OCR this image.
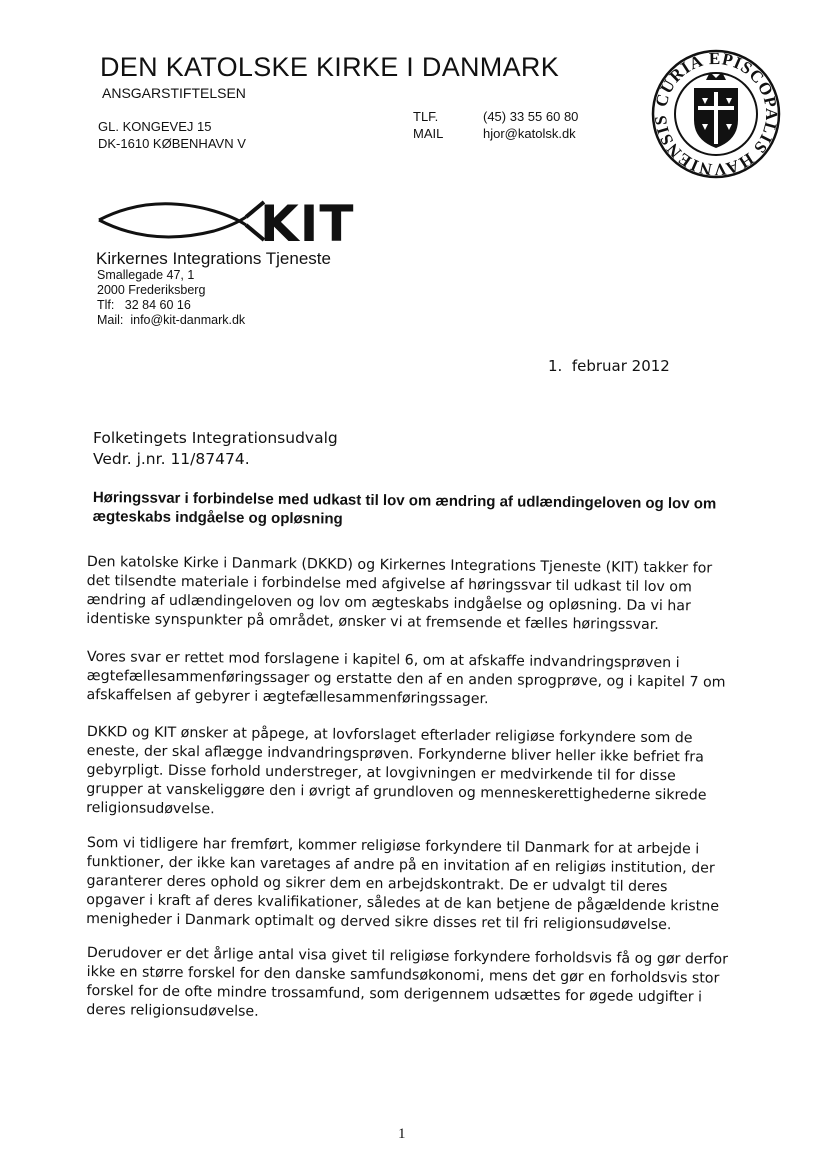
DEN KATOLSKE KIRKE I DANMARK
ANSGARSTIFTELSEN
GL. KONGEVEJ 15
DK-1610 KØBENHAVN V
TLF.
MAIL
(45) 33 55 60 80
hjor@katolsk.dk
CURIA EPISCOPALIS HAVNIENSIS
KIT
Kirkernes Integrations Tjeneste
Smallegade 47, 1
2000 Frederiksberg
Tlf:   32 84 60 16
Mail:  info@kit-danmark.dk
1.  februar 2012
Folketingets Integrationsudvalg
Vedr. j.nr. 11/87474.
Høringssvar i forbindelse med udkast til lov om ændring af udlændingeloven og lov om ægteskabs indgåelse og opløsning

Den katolske Kirke i Danmark (DKKD) og Kirkernes Integrations Tjeneste (KIT) takker for det tilsendte materiale i forbindelse med afgivelse af høringssvar til udkast til lov om ændring af udlændingeloven og lov om ægteskabs indgåelse og opløsning. Da vi har identiske synspunkter på området, ønsker vi at fremsende et fælles høringssvar.

Vores svar er rettet mod forslagene i kapitel 6, om at afskaffe indvandringsprøven i ægtefællesammenføringssager og erstatte den af en anden sprogprøve, og i kapitel 7 om afskaffelsen af gebyrer i ægtefællesammenføringssager.

DKKD og KIT ønsker at påpege, at lovforslaget efterlader religiøse forkyndere som de eneste, der skal aflægge indvandringsprøven. Forkynderne bliver heller ikke befriet fra gebyrpligt. Disse forhold understreger, at lovgivningen er medvirkende til for disse grupper at vanskeliggøre den i øvrigt af grundloven og menneskerettighederne sikrede religionsudøvelse.

Som vi tidligere har fremført, kommer religiøse forkyndere til Danmark for at arbejde i funktioner, der ikke kan varetages af andre på en invitation af en religiøs institution, der garanterer deres ophold og sikrer dem en arbejdskontrakt. De er udvalgt til deres opgaver i kraft af deres kvalifikationer, således at de kan betjene de pågældende kristne menigheder i Danmark optimalt og derved sikre disses ret til fri religionsudøvelse.

Derudover er det årlige antal visa givet til religiøse forkyndere forholdsvis få og gør derfor ikke en større forskel for den danske samfundsøkonomi, mens det gør en forholdsvis stor forskel for de ofte mindre trossamfund, som derigennem udsættes for øgede udgifter i deres religionsudøvelse.

1
